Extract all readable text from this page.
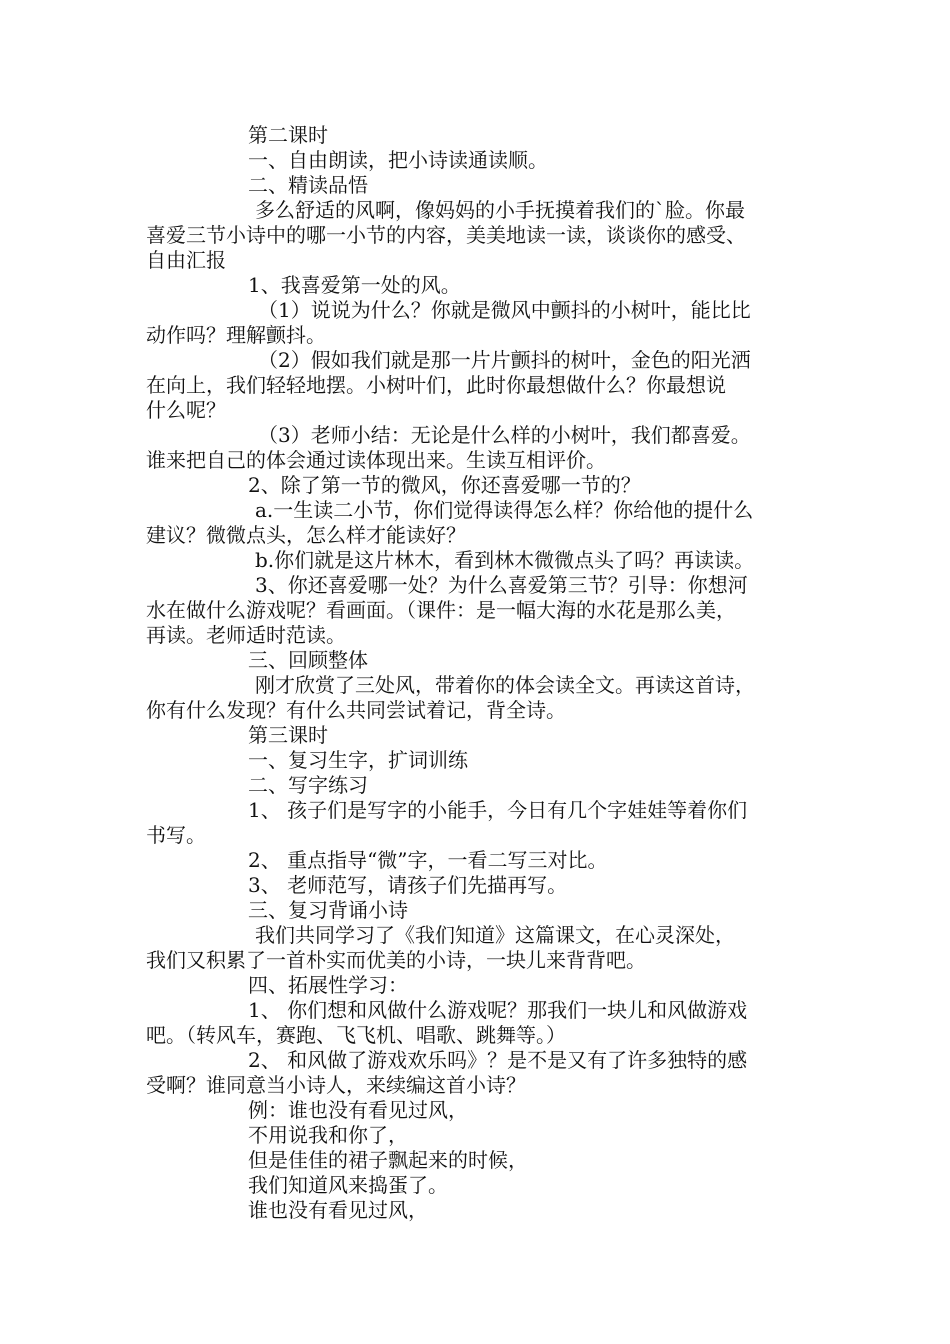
第二课时
一、自由朗读，把小诗读通读顺。
二、精读品悟
多么舒适的风啊，像妈妈的小手抚摸着我们的`脸。你最
喜爱三节小诗中的哪一小节的内容，美美地读一读，谈谈你的感受、
自由汇报
1、我喜爱第一处的风。
（1）说说为什么？你就是微风中颤抖的小树叶，能比比
动作吗？理解颤抖。
（2）假如我们就是那一片片颤抖的树叶，金色的阳光洒
在向上，我们轻轻地摆。小树叶们，此时你最想做什么？你最想说
什么呢？
（3）老师小结：无论是什么样的小树叶，我们都喜爱。
谁来把自己的体会通过读体现出来。生读互相评价。
2、除了第一节的微风，你还喜爱哪一节的？
a.一生读二小节，你们觉得读得怎么样？你给他的提什么
建议？微微点头，怎么样才能读好？
b.你们就是这片林木，看到林木微微点头了吗？再读读。
3、你还喜爱哪一处？为什么喜爱第三节？引导：你想河
水在做什么游戏呢？看画面。（课件：是一幅大海的水花是那么美，
再读。老师适时范读。
三、回顾整体
刚才欣赏了三处风，带着你的体会读全文。再读这首诗，
你有什么发现？有什么共同尝试着记，背全诗。
第三课时
一、复习生字，扩词训练
二、写字练习
1、 孩子们是写字的小能手，今日有几个字娃娃等着你们
书写。
2、 重点指导“微”字，一看二写三对比。
3、 老师范写，请孩子们先描再写。
三、复习背诵小诗
我们共同学习了《我们知道》这篇课文，在心灵深处，
我们又积累了一首朴实而优美的小诗，一块儿来背背吧。
四、拓展性学习：
1、 你们想和风做什么游戏呢？那我们一块儿和风做游戏
吧。（转风车，赛跑、飞飞机、唱歌、跳舞等。）
2、 和风做了游戏欢乐吗》？是不是又有了许多独特的感
受啊？谁同意当小诗人，来续编这首小诗？
例：谁也没有看见过风，
不用说我和你了，
但是佳佳的裙子飘起来的时候，
我们知道风来捣蛋了。
谁也没有看见过风，
